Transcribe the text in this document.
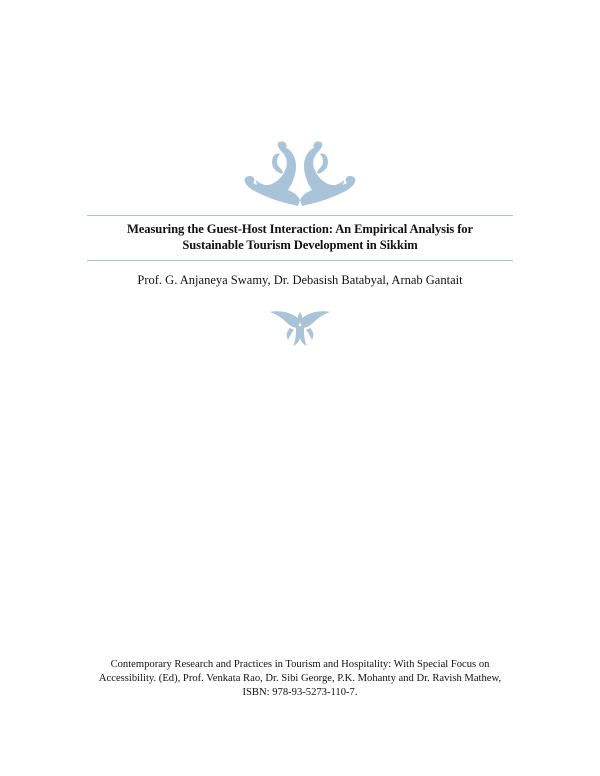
Measuring the Guest-Host Interaction: An Empirical Analysis for
Sustainable Tourism Development in Sikkim
Prof. G. Anjaneya Swamy, Dr. Debasish Batabyal, Arnab Gantait
Contemporary Research and Practices in Tourism and Hospitality: With Special Focus on
Accessibility. (Ed), Prof. Venkata Rao, Dr. Sibi George, P.K. Mohanty and Dr. Ravish Mathew,
ISBN: 978-93-5273-110-7.
